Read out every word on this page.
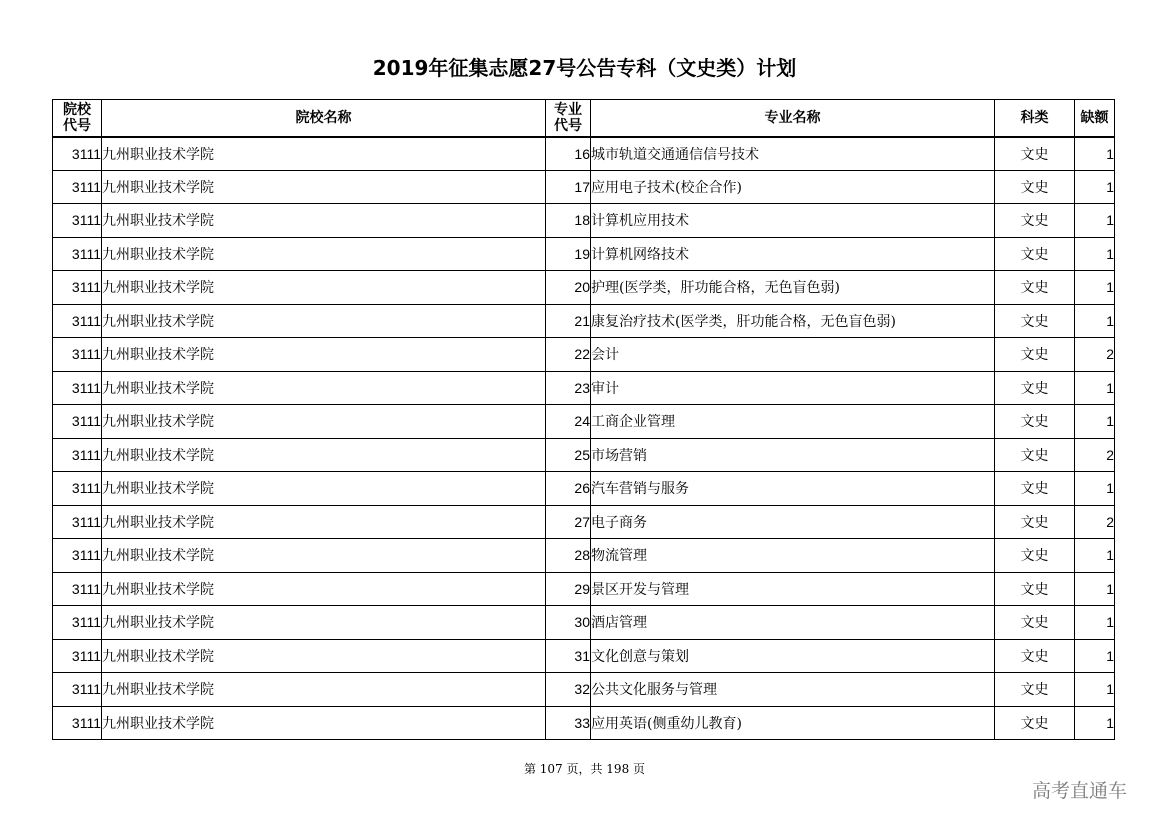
2019年征集志愿27号公告专科（文史类）计划
院校代号	院校名称	专业代号	专业名称	科类	缺额
3111	九州职业技术学院	16	城市轨道交通通信信号技术	文史	1
3111	九州职业技术学院	17	应用电子技术(校企合作)	文史	1
3111	九州职业技术学院	18	计算机应用技术	文史	1
3111	九州职业技术学院	19	计算机网络技术	文史	1
3111	九州职业技术学院	20	护理(医学类，肝功能合格，无色盲色弱)	文史	1
3111	九州职业技术学院	21	康复治疗技术(医学类，肝功能合格，无色盲色弱)	文史	1
3111	九州职业技术学院	22	会计	文史	2
3111	九州职业技术学院	23	审计	文史	1
3111	九州职业技术学院	24	工商企业管理	文史	1
3111	九州职业技术学院	25	市场营销	文史	2
3111	九州职业技术学院	26	汽车营销与服务	文史	1
3111	九州职业技术学院	27	电子商务	文史	2
3111	九州职业技术学院	28	物流管理	文史	1
3111	九州职业技术学院	29	景区开发与管理	文史	1
3111	九州职业技术学院	30	酒店管理	文史	1
3111	九州职业技术学院	31	文化创意与策划	文史	1
3111	九州职业技术学院	32	公共文化服务与管理	文史	1
3111	九州职业技术学院	33	应用英语(侧重幼儿教育)	文史	1
第 107 页，共 198 页
高考直通车
